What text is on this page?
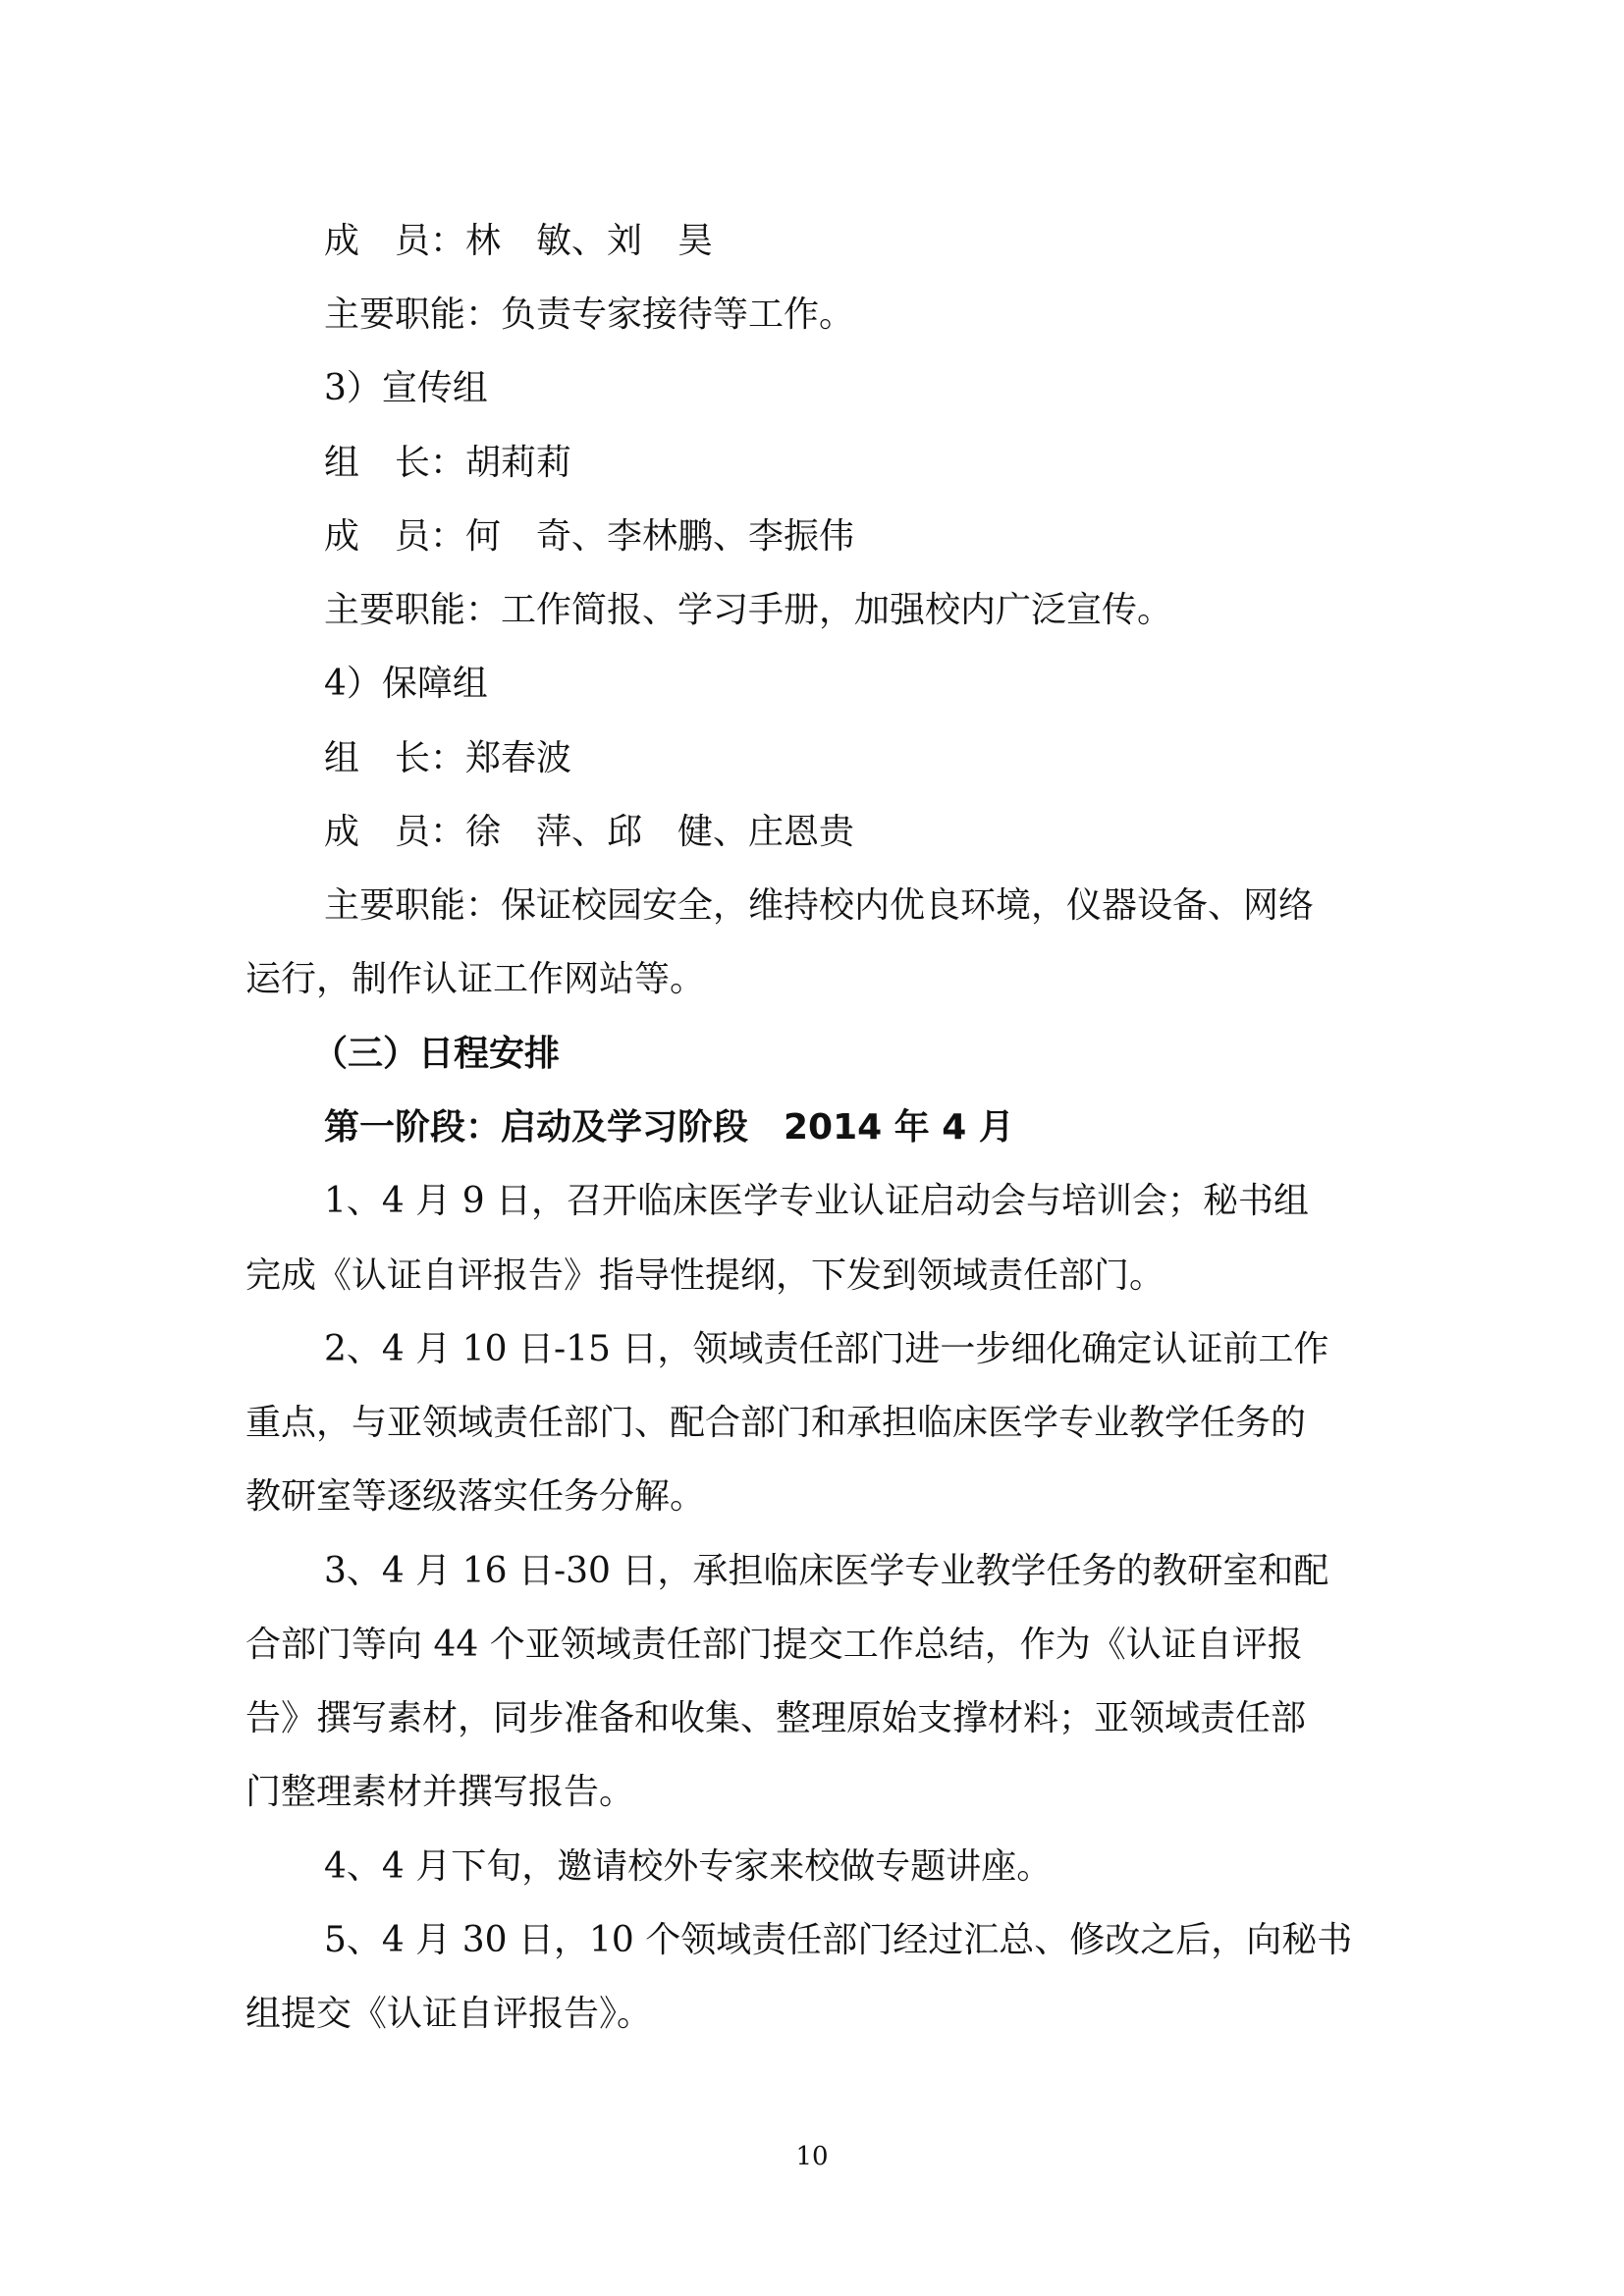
成　员：林　敏、刘　昊
主要职能：负责专家接待等工作。
3）宣传组
组　长：胡莉莉
成　员：何　奇、李林鹏、李振伟
主要职能：工作简报、学习手册，加强校内广泛宣传。
4）保障组
组　长：郑春波
成　员：徐　萍、邱　健、庄恩贵
主要职能：保证校园安全，维持校内优良环境，仪器设备、网络
运行，制作认证工作网站等。
（三）日程安排
第一阶段：启动及学习阶段　2014 年 4 月
1、4 月 9 日，召开临床医学专业认证启动会与培训会；秘书组
完成《认证自评报告》指导性提纲，下发到领域责任部门。
2、4 月 10 日-15 日，领域责任部门进一步细化确定认证前工作
重点，与亚领域责任部门、配合部门和承担临床医学专业教学任务的
教研室等逐级落实任务分解。
3、4 月 16 日-30 日，承担临床医学专业教学任务的教研室和配
合部门等向 44 个亚领域责任部门提交工作总结，作为《认证自评报
告》撰写素材，同步准备和收集、整理原始支撑材料；亚领域责任部
门整理素材并撰写报告。
4、4 月下旬，邀请校外专家来校做专题讲座。
5、4 月 30 日，10 个领域责任部门经过汇总、修改之后，向秘书
组提交《认证自评报告》。
10
